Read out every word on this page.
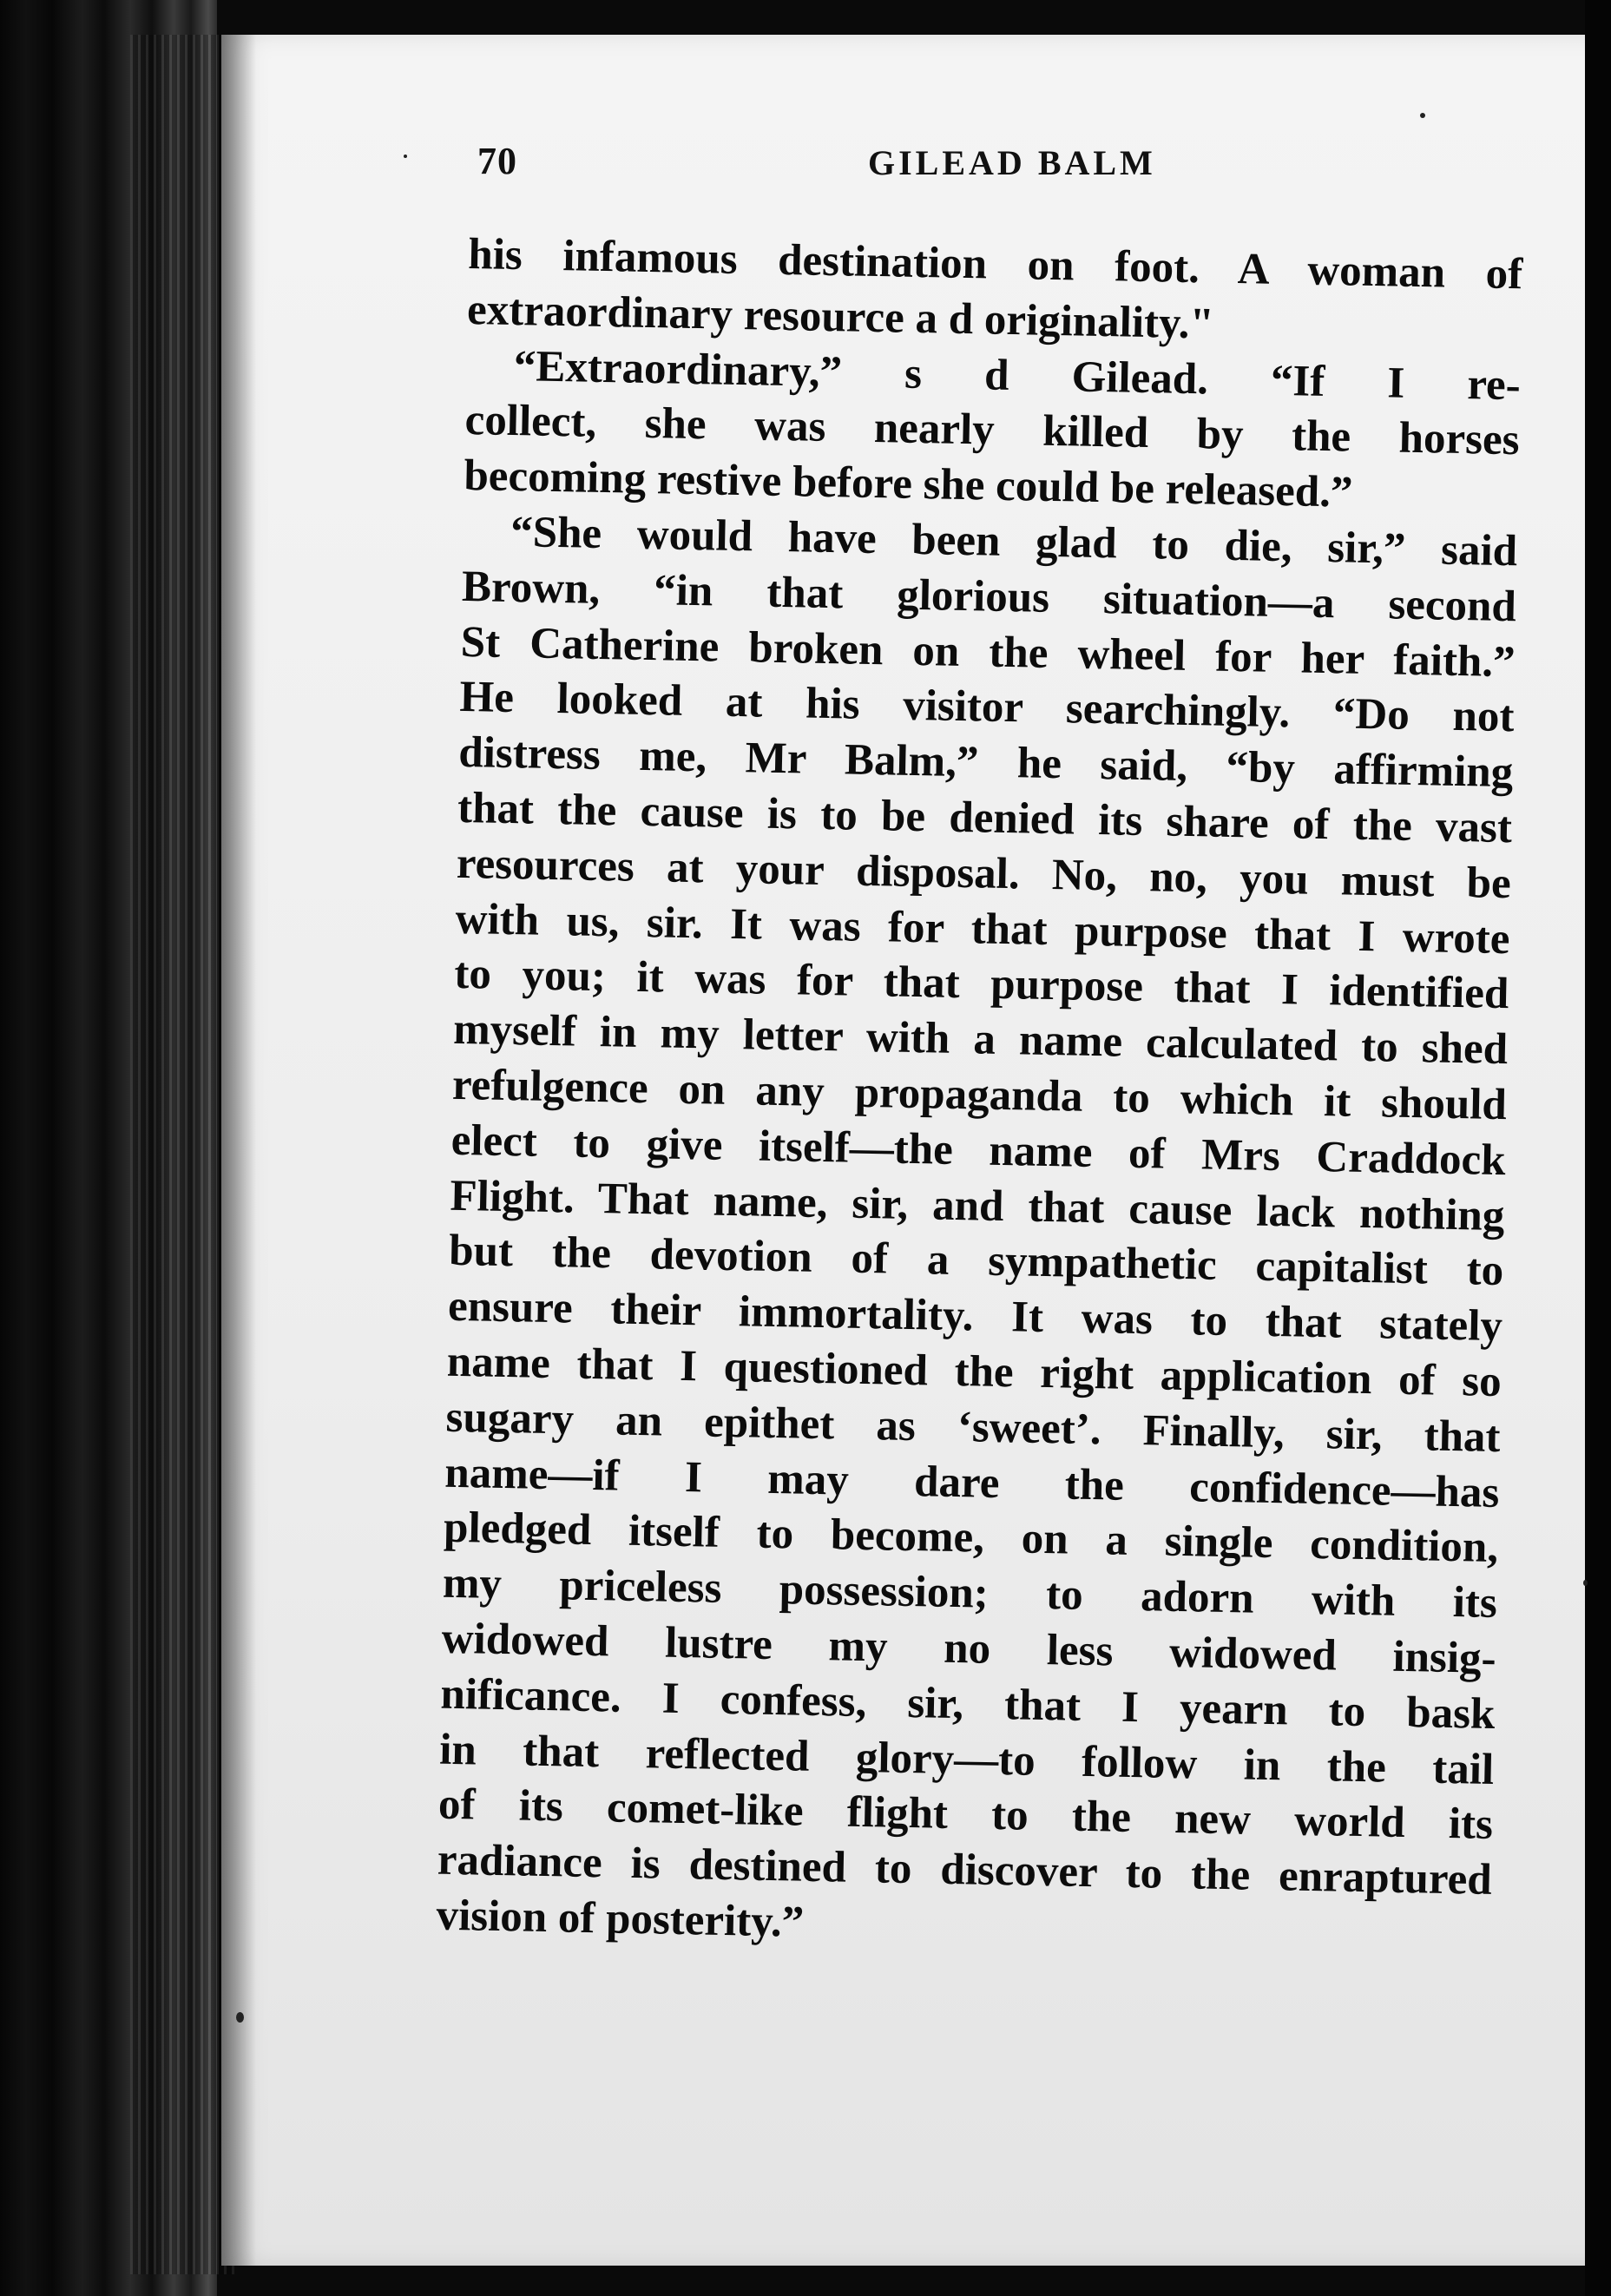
70	GILEAD BALM
his infamous destination on foot. A woman of
extraordinary resource a d originality."
“Extraordinary,” s d Gilead. “If I re-
collect, she was nearly killed by the horses
becoming restive before she could be released.”
“She would have been glad to die, sir,” said
Brown, “in that glorious situation—a second
St Catherine broken on the wheel for her faith.”
He looked at his visitor searchingly. “Do not
distress me, Mr Balm,” he said, “by affirming
that the cause is to be denied its share of the vast
resources at your disposal. No, no, you must be
with us, sir. It was for that purpose that I wrote
to you; it was for that purpose that I identified
myself in my letter with a name calculated to shed
refulgence on any propaganda to which it should
elect to give itself—the name of Mrs Craddock
Flight. That name, sir, and that cause lack nothing
but the devotion of a sympathetic capitalist to
ensure their immortality. It was to that stately
name that I questioned the right application of so
sugary an epithet as ‘sweet’. Finally, sir, that
name—if I may dare the confidence—has
pledged itself to become, on a single condition,
my priceless possession; to adorn with its
widowed lustre my no less widowed insig-
nificance. I confess, sir, that I yearn to bask
in that reflected glory—to follow in the tail
of its comet-like flight to the new world its
radiance is destined to discover to the enraptured
vision of posterity.”
